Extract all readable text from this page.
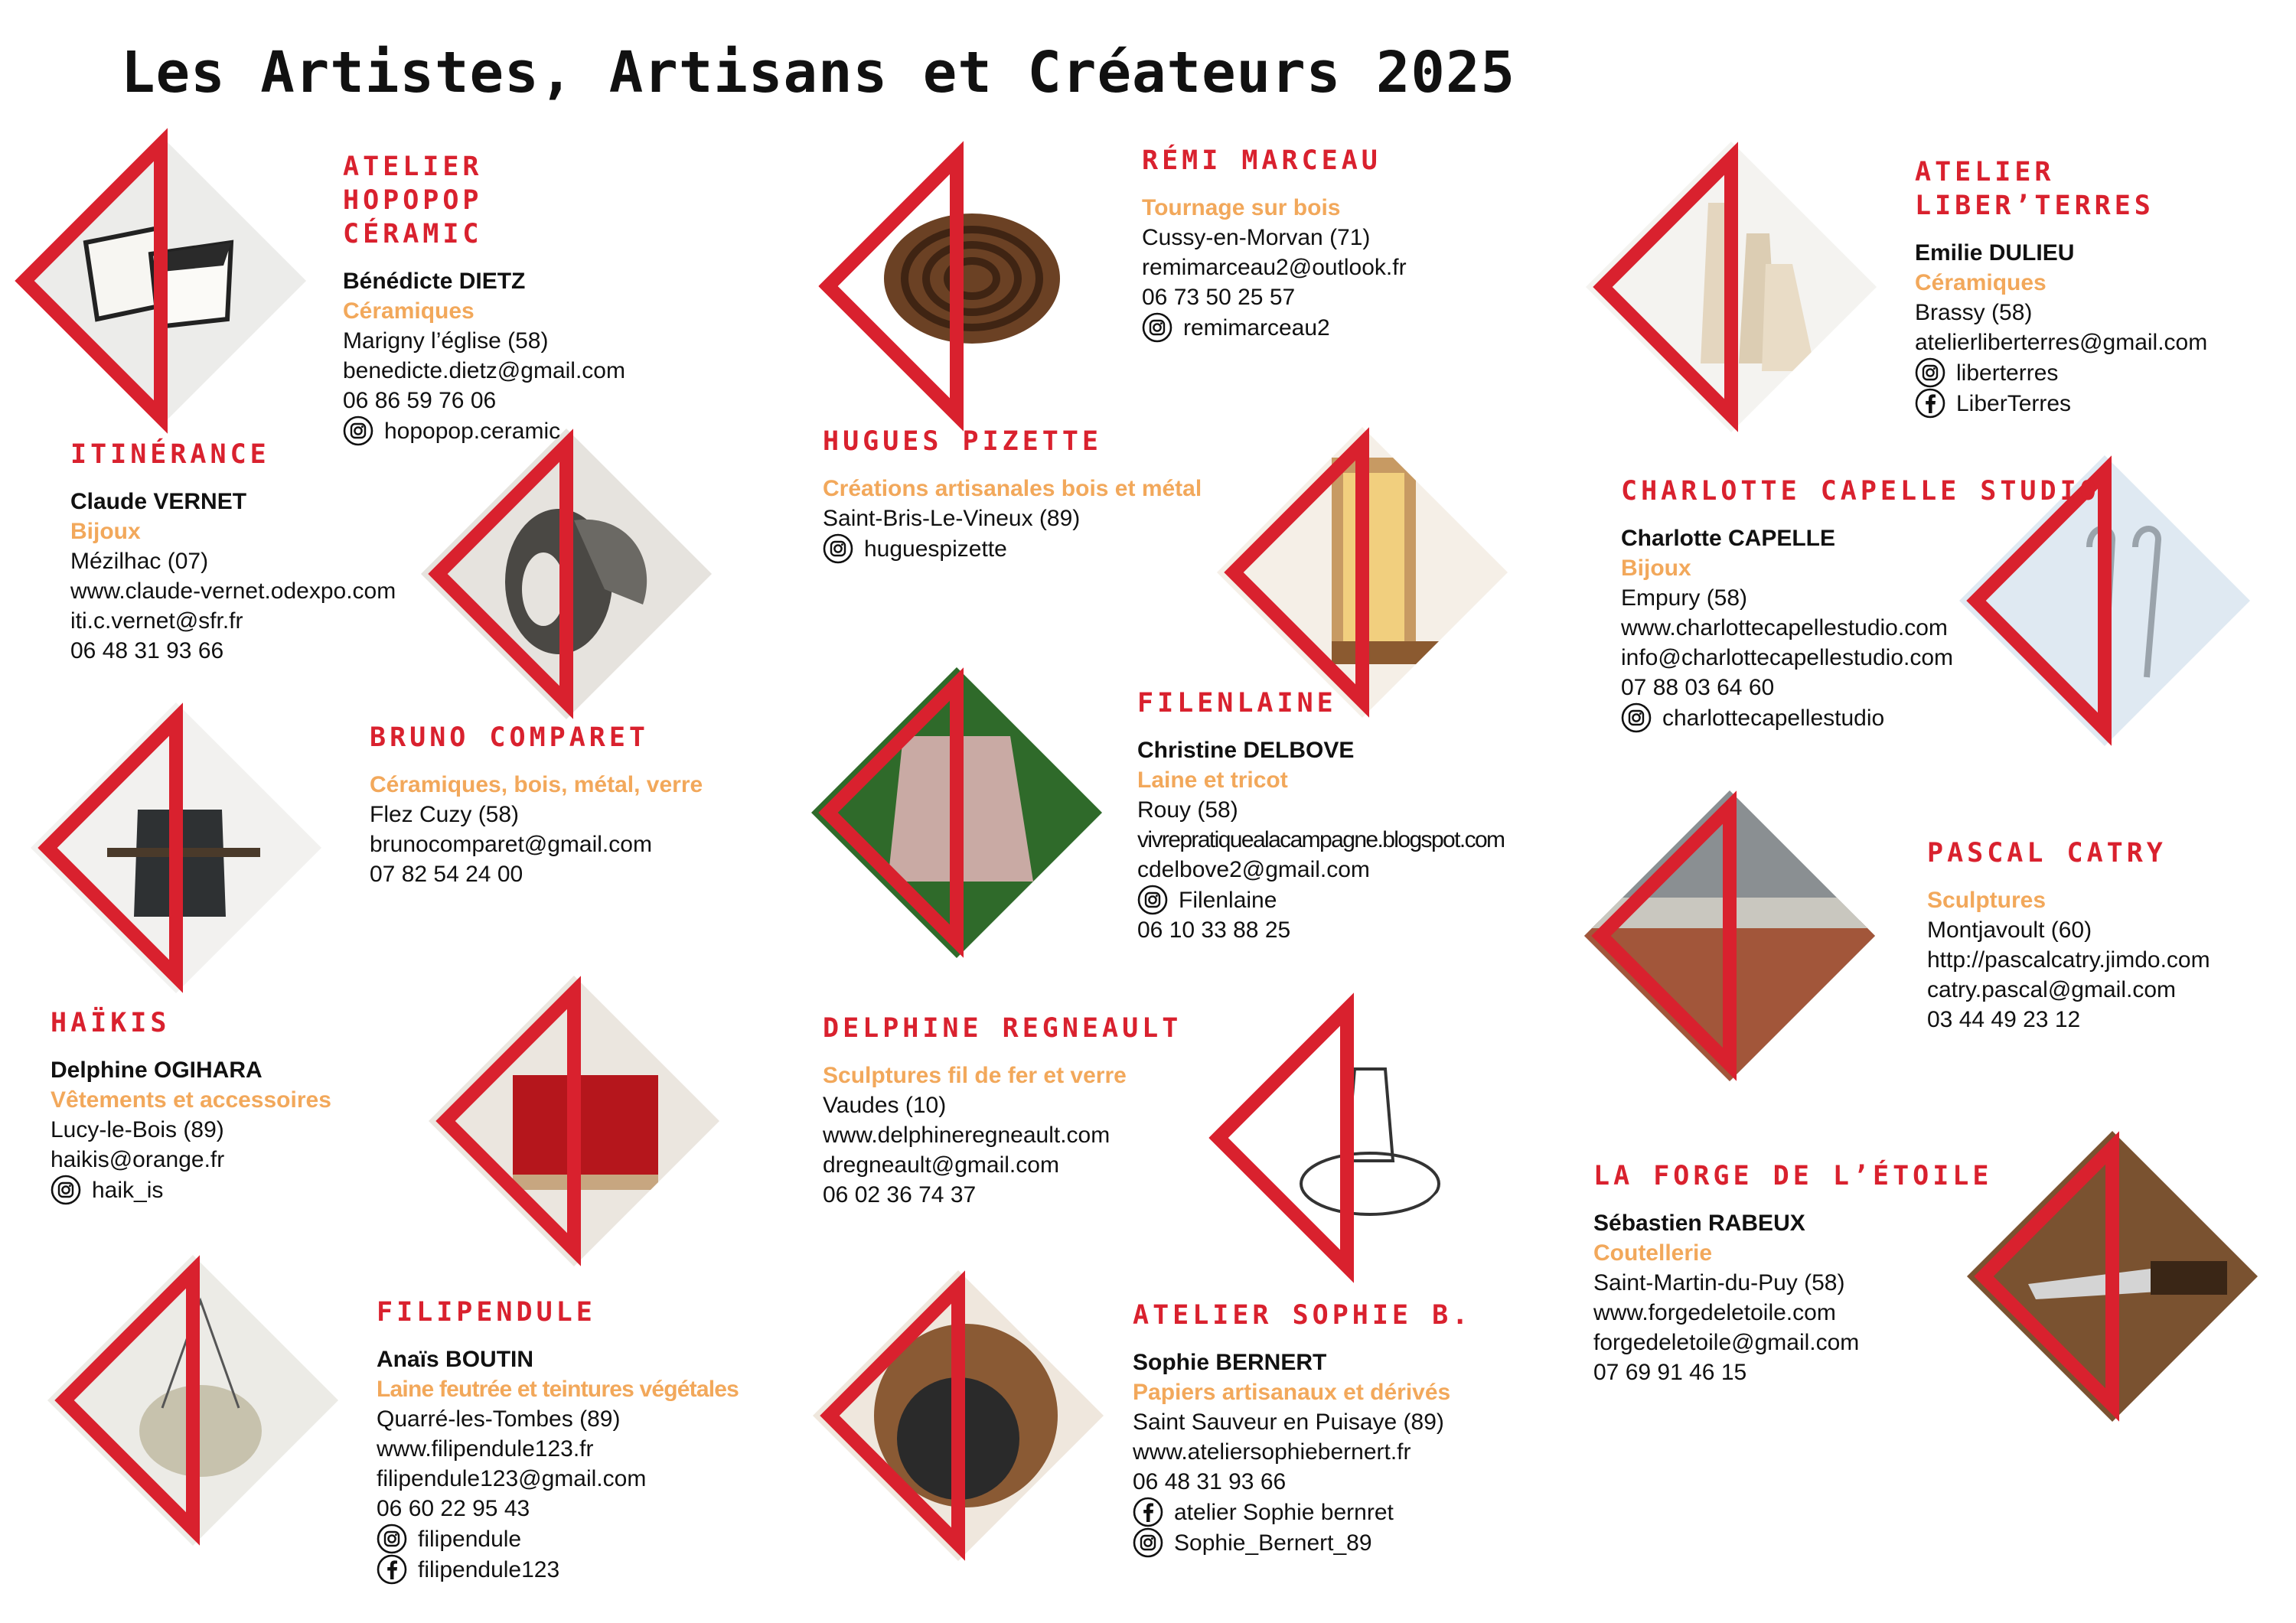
Les Artistes, Artisans et Créateurs 2025
ATELIER HOPOPOP CÉRAMIC
Bénédicte DIETZ
Céramiques
Marigny l’église (58)
benedicte.dietz@gmail.com
06 86 59 76 06
hopopop.ceramic
RÉMI MARCEAU
Tournage sur bois
Cussy-en-Morvan (71)
remimarceau2@outlook.fr
06 73 50 25 57
remimarceau2
ATELIER LIBER’TERRES
Emilie DULIEU
Céramiques
Brassy (58)
atelierliberterres@gmail.com
liberterres
LiberTerres
ITINÉRANCE
Claude VERNET
Bijoux
Mézilhac (07)
www.claude-vernet.odexpo.com
iti.c.vernet@sfr.fr
06 48 31 93 66
HUGUES PIZETTE
Créations artisanales bois et métal
Saint-Bris-Le-Vineux (89)
huguespizette
CHARLOTTE CAPELLE STUDIO
Charlotte CAPELLE
Bijoux
Empury (58)
www.charlottecapellestudio.com
info@charlottecapellestudio.com
07 88 03 64 60
charlottecapellestudio
BRUNO COMPARET
Céramiques, bois, métal, verre
Flez Cuzy (58)
brunocomparet@gmail.com
07 82 54 24 00
FILENLAINE
Christine DELBOVE
Laine et tricot
Rouy (58)
vivrepratiquealacampagne.blogspot.com
cdelbove2@gmail.com
Filenlaine
06 10 33 88 25
PASCAL CATRY
Sculptures
Montjavoult (60)
http://pascalcatry.jimdo.com
catry.pascal@gmail.com
03 44 49 23 12
HAÏKIS
Delphine OGIHARA
Vêtements et accessoires
Lucy-le-Bois (89)
haikis@orange.fr
haik_is
DELPHINE REGNEAULT
Sculptures fil de fer et verre
Vaudes (10)
www.delphineregneault.com
dregneault@gmail.com
06 02 36 74 37
LA FORGE DE L’ÉTOILE
Sébastien RABEUX
Coutellerie
Saint-Martin-du-Puy (58)
www.forgedeletoile.com
forgedeletoile@gmail.com
07 69 91 46 15
FILIPENDULE
Anaïs BOUTIN
Laine feutrée et teintures végétales
Quarré-les-Tombes (89)
www.filipendule123.fr
filipendule123@gmail.com
06 60 22 95 43
filipendule
filipendule123
ATELIER SOPHIE B.
Sophie BERNERT
Papiers artisanaux et dérivés
Saint Sauveur en Puisaye (89)
www.ateliersophiebernert.fr
06 48 31 93 66
atelier Sophie bernret
Sophie_Bernert_89
